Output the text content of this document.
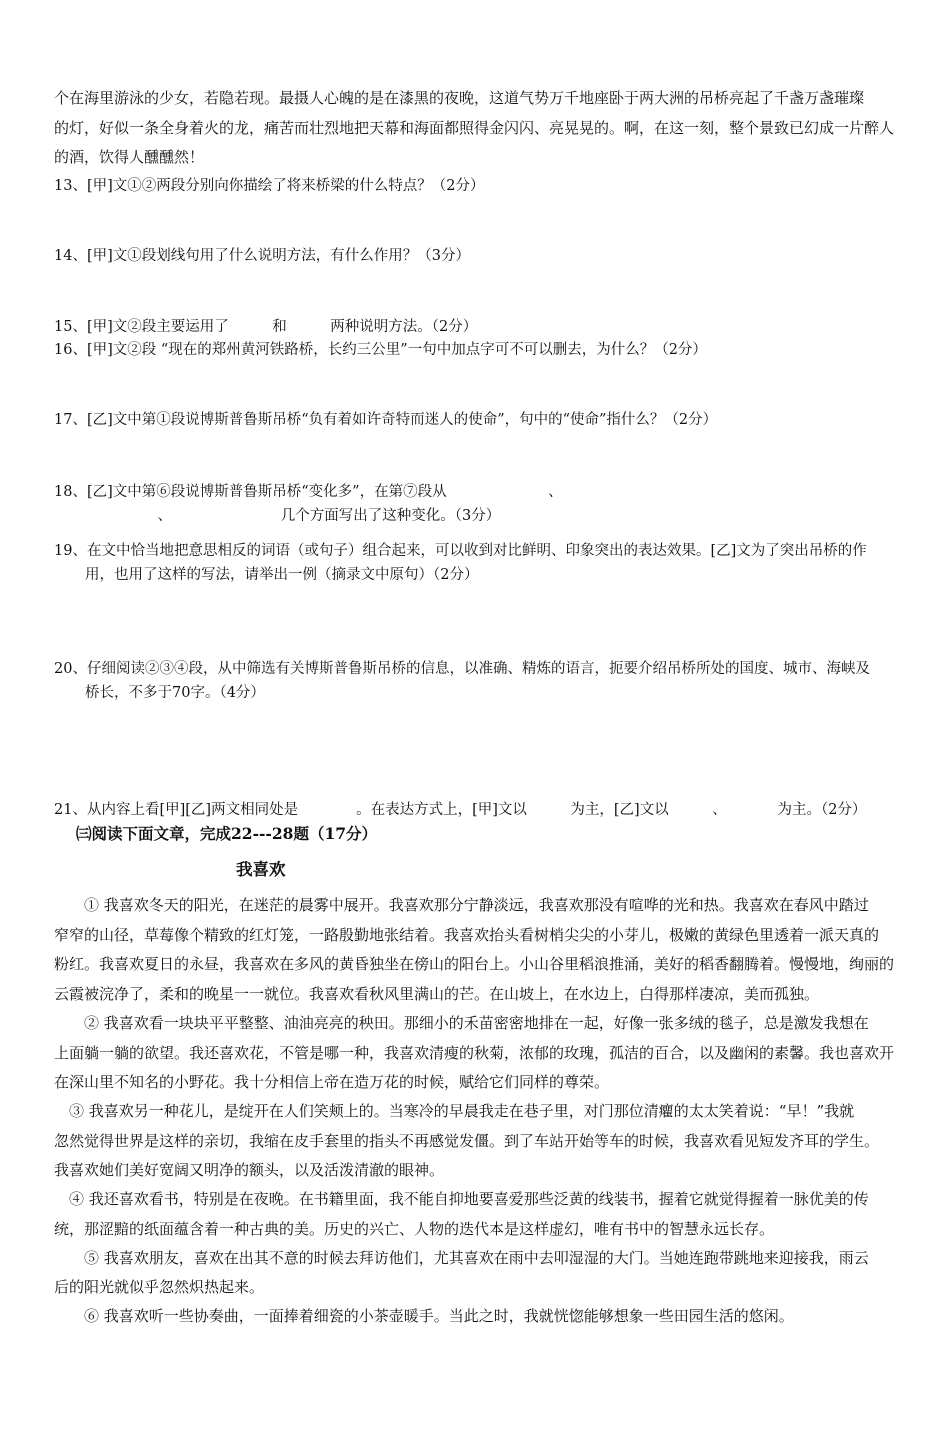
个在海里游泳的少女，若隐若现。最摄人心魄的是在漆黑的夜晚，这道气势万千地座卧于两大洲的吊桥亮起了千盏万盏璀璨
的灯，好似一条全身着火的龙，痛苦而壮烈地把天幕和海面都照得金闪闪、亮晃晃的。啊，在这一刻，整个景致已幻成一片醉人
的酒，饮得人醺醺然！
13、[甲]文①②两段分别向你描绘了将来桥梁的什么特点？（2分）
14、[甲]文①段划线句用了什么说明方法，有什么作用？（3分）
15、[甲]文②段主要运用了　　　和　　　两种说明方法。（2分）
16、[甲]文②段 “现在的郑州黄河铁路桥，长约三公里”一句中加点字可不可以删去，为什么？（2分）
17、[乙]文中第①段说博斯普鲁斯吊桥“负有着如许奇特而迷人的使命”，句中的“使命”指什么？（2分）
18、[乙]文中第⑥段说博斯普鲁斯吊桥“变化多”，在第⑦段从　　　　　　　、
　　　　　、　　　　　　　　几个方面写出了这种变化。（3分）
19、在文中恰当地把意思相反的词语（或句子）组合起来，可以收到对比鲜明、印象突出的表达效果。[乙]文为了突出吊桥的作
用，也用了这样的写法，请举出一例（摘录文中原句）（2分）
20、仔细阅读②③④段，从中筛选有关博斯普鲁斯吊桥的信息，以准确、精炼的语言，扼要介绍吊桥所处的国度、城市、海峡及
桥长，不多于70字。（4分）
21、从内容上看[甲][乙]两文相同处是　　　　。在表达方式上，[甲]文以　　　为主，[乙]文以　　　、　　　　为主。（2分）
㈢阅读下面文章，完成22---28题（17分）
我喜欢
　　① 我喜欢冬天的阳光，在迷茫的晨雾中展开。我喜欢那分宁静淡远，我喜欢那没有喧哗的光和热。我喜欢在春风中踏过
窄窄的山径，草莓像个精致的红灯笼，一路殷勤地张结着。我喜欢抬头看树梢尖尖的小芽儿，极嫩的黄绿色里透着一派天真的
粉红。我喜欢夏日的永昼，我喜欢在多风的黄昏独坐在傍山的阳台上。小山谷里稻浪推涌，美好的稻香翻腾着。慢慢地，绚丽的
云霞被浣净了，柔和的晚星一一就位。我喜欢看秋风里满山的芒。在山坡上，在水边上，白得那样凄凉，美而孤独。
　　② 我喜欢看一块块平平整整、油油亮亮的秧田。那细小的禾苗密密地排在一起，好像一张多绒的毯子，总是激发我想在
上面躺一躺的欲望。我还喜欢花，不管是哪一种，我喜欢清瘦的秋菊，浓郁的玫瑰，孤洁的百合，以及幽闲的素馨。我也喜欢开
在深山里不知名的小野花。我十分相信上帝在造万花的时候，赋给它们同样的尊荣。
　③ 我喜欢另一种花儿，是绽开在人们笑颊上的。当寒冷的早晨我走在巷子里，对门那位清癯的太太笑着说：“早！”我就
忽然觉得世界是这样的亲切，我缩在皮手套里的指头不再感觉发僵。到了车站开始等车的时候，我喜欢看见短发齐耳的学生。
我喜欢她们美好宽阔又明净的额头，以及活泼清澈的眼神。
　④ 我还喜欢看书，特别是在夜晚。在书籍里面，我不能自抑地要喜爱那些泛黄的线装书，握着它就觉得握着一脉优美的传
统，那涩黯的纸面蕴含着一种古典的美。历史的兴亡、人物的迭代本是这样虚幻，唯有书中的智慧永远长存。
　　⑤ 我喜欢朋友，喜欢在出其不意的时候去拜访他们，尤其喜欢在雨中去叩湿湿的大门。当她连跑带跳地来迎接我，雨云
后的阳光就似乎忽然炽热起来。
　　⑥ 我喜欢听一些协奏曲，一面捧着细瓷的小茶壶暖手。当此之时，我就恍惚能够想象一些田园生活的悠闲。
